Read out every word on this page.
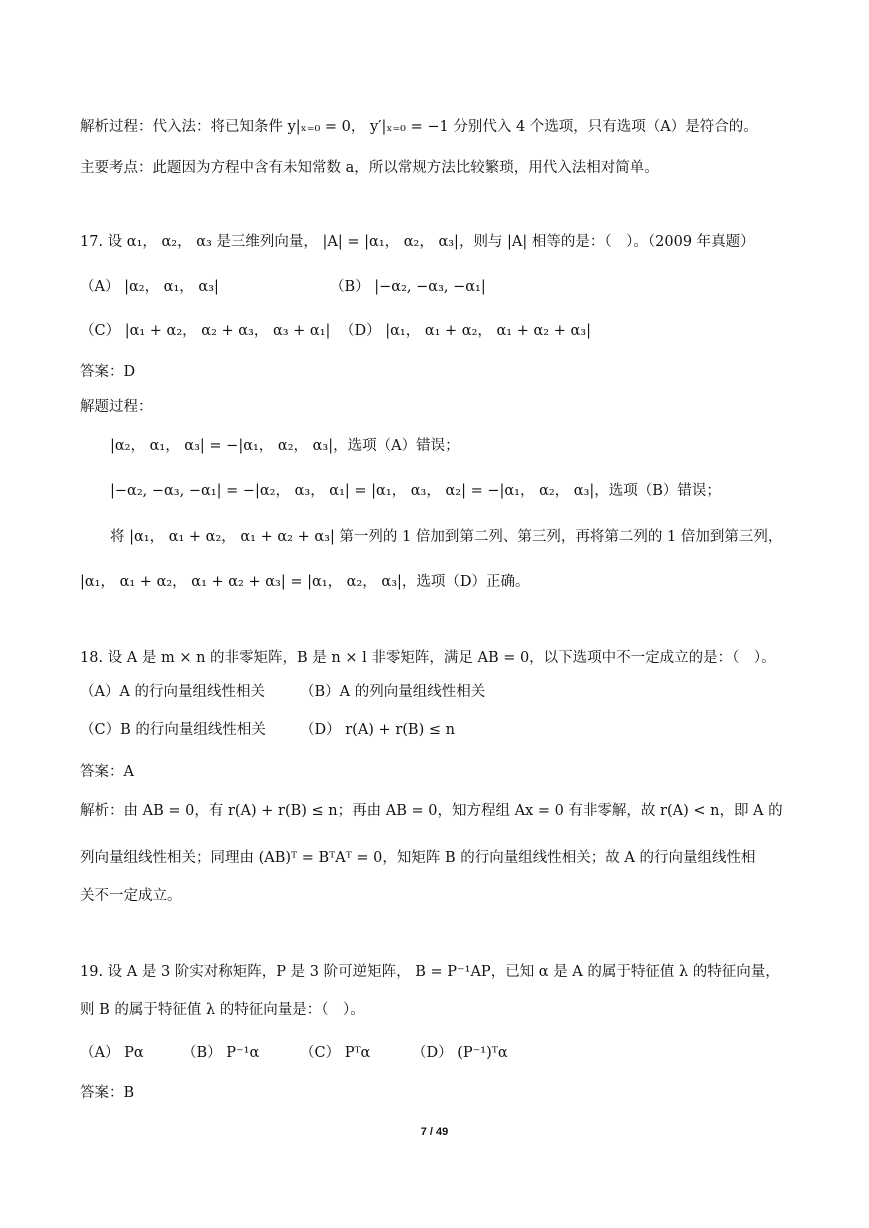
解析过程：代入法：将已知条件 y|ₓ₌₀ = 0， y′|ₓ₌₀ = −1 分别代入 4 个选项，只有选项（A）是符合的。
主要考点：此题因为方程中含有未知常数 a，所以常规方法比较繁琐，用代入法相对简单。
17. 设 α₁， α₂， α₃ 是三维列向量， |A| = |α₁， α₂， α₃|，则与 |A| 相等的是：（　）。（2009 年真题）
（A） |α₂， α₁， α₃|	（B） |−α₂, −α₃, −α₁|
（C） |α₁ + α₂， α₂ + α₃， α₃ + α₁| （D） |α₁， α₁ + α₂， α₁ + α₂ + α₃|
答案：D
解题过程：
|α₂， α₁， α₃| = −|α₁， α₂， α₃|，选项（A）错误；
|−α₂, −α₃, −α₁| = −|α₂， α₃， α₁| = |α₁， α₃， α₂| = −|α₁， α₂， α₃|，选项（B）错误；
将 |α₁， α₁ + α₂， α₁ + α₂ + α₃| 第一列的 1 倍加到第二列、第三列，再将第二列的 1 倍加到第三列，
|α₁， α₁ + α₂， α₁ + α₂ + α₃| = |α₁， α₂， α₃|，选项（D）正确。
18. 设 A 是 m × n 的非零矩阵，B 是 n × l 非零矩阵，满足 AB = 0，以下选项中不一定成立的是：（　）。
（A）A 的行向量组线性相关 （B）A 的列向量组线性相关
（C）B 的行向量组线性相关 （D） r(A) + r(B) ≤ n
答案：A
解析：由 AB = 0，有 r(A) + r(B) ≤ n；再由 AB = 0，知方程组 Ax = 0 有非零解，故 r(A) < n，即 A 的
列向量组线性相关；同理由 (AB)ᵀ = BᵀAᵀ = 0，知矩阵 B 的行向量组线性相关；故 A 的行向量组线性相
关不一定成立。
19. 设 A 是 3 阶实对称矩阵，P 是 3 阶可逆矩阵， B = P⁻¹AP，已知 α 是 A 的属于特征值 λ 的特征向量，
则 B 的属于特征值 λ 的特征向量是：（　）。
（A） Pα	（B） P⁻¹α	（C） Pᵀα	（D） (P⁻¹)ᵀα
答案：B
7 / 49
